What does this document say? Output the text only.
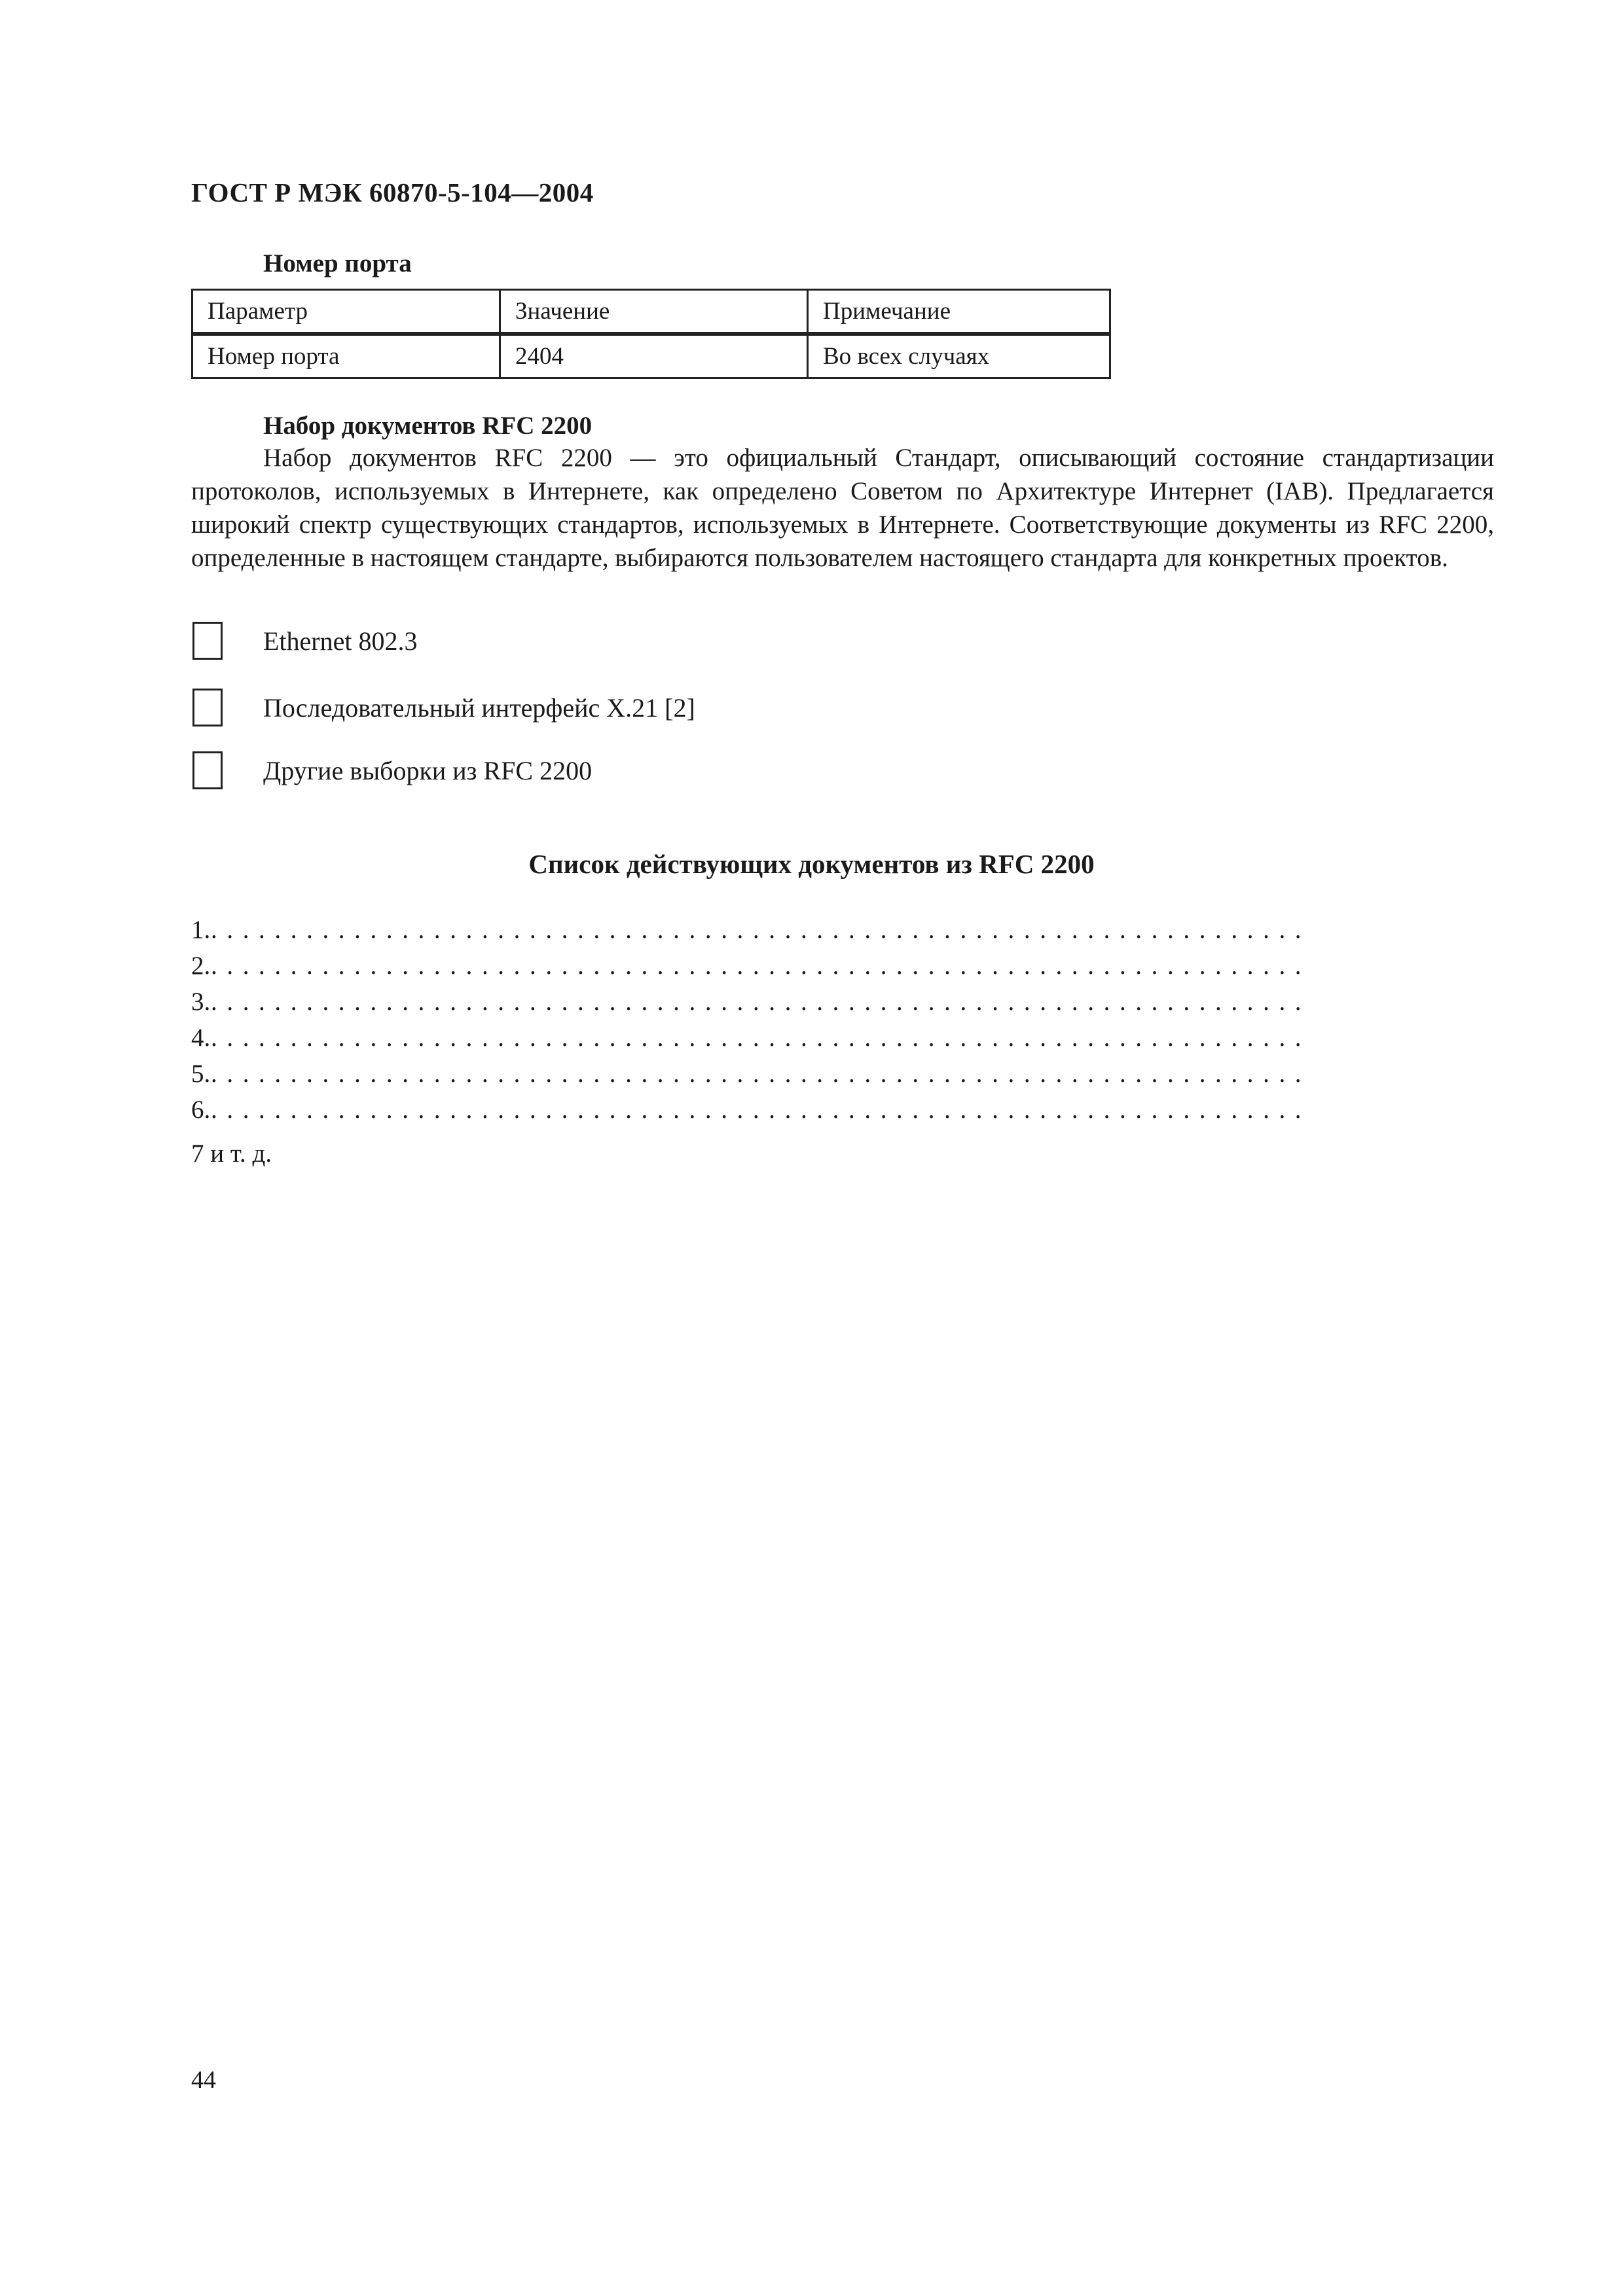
ГОСТ Р МЭК 60870-5-104—2004
Номер порта
Параметр	Значение	Примечание
Номер порта	2404	Во всех случаях
Набор документов RFC 2200
Набор документов RFC 2200 — это официальный Стандарт, описывающий состояние стандартизации протоколов, используемых в Интернете, как определено Советом по Архитектуре Интернет (IAB). Предлагается широкий спектр существующих стандартов, используемых в Интернете. Соответствующие документы из RFC 2200, определенные в настоящем стандарте, выбираются пользователем настоящего стандарта для конкретных проектов.
Ethernet 802.3
Последовательный интерфейс X.21 [2]
Другие выборки из RFC 2200
Список действующих документов из RFC 2200
1. .....................................................................
2. .....................................................................
3. .....................................................................
4. .....................................................................
5. .....................................................................
6. .....................................................................
7 и т. д.
44
